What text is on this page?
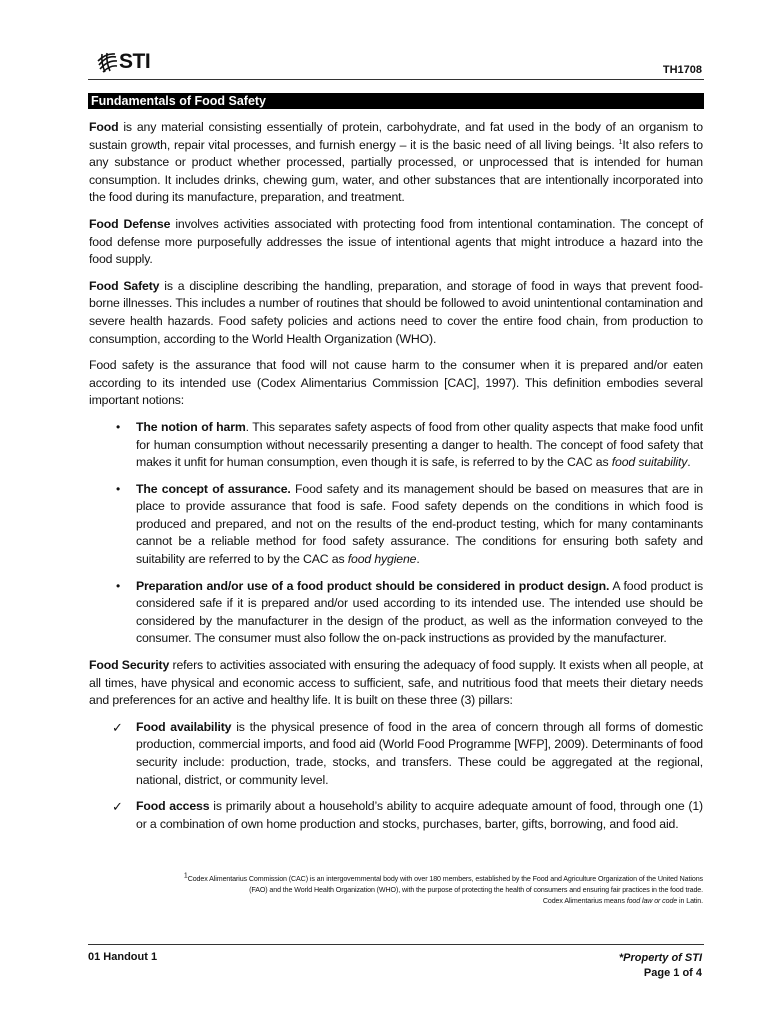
STI	TH1708
Fundamentals of Food Safety

Food is any material consisting essentially of protein, carbohydrate, and fat used in the body of an organism to sustain growth, repair vital processes, and furnish energy – it is the basic need of all living beings. $^1$It also refers to any substance or product whether processed, partially processed, or unprocessed that is intended for human consumption. It includes drinks, chewing gum, water, and other substances that are intentionally incorporated into the food during its manufacture, preparation, and treatment.

Food Defense involves activities associated with protecting food from intentional contamination. The concept of food defense more purposefully addresses the issue of intentional agents that might introduce a hazard into the food supply.

Food Safety is a discipline describing the handling, preparation, and storage of food in ways that prevent food-borne illnesses. This includes a number of routines that should be followed to avoid unintentional contamination and severe health hazards. Food safety policies and actions need to cover the entire food chain, from production to consumption, according to the World Health Organization (WHO).

Food safety is the assurance that food will not cause harm to the consumer when it is prepared and/or eaten according to its intended use (Codex Alimentarius Commission [CAC], 1997). This definition embodies several important notions:

• The notion of harm. This separates safety aspects of food from other quality aspects that make food unfit for human consumption without necessarily presenting a danger to health. The concept of food safety that makes it unfit for human consumption, even though it is safe, is referred to by the CAC as food suitability.
• The concept of assurance. Food safety and its management should be based on measures that are in place to provide assurance that food is safe. Food safety depends on the conditions in which food is produced and prepared, and not on the results of the end-product testing, which for many contaminants cannot be a reliable method for food safety assurance. The conditions for ensuring both safety and suitability are referred to by the CAC as food hygiene.
• Preparation and/or use of a food product should be considered in product design. A food product is considered safe if it is prepared and/or used according to its intended use. The intended use should be considered by the manufacturer in the design of the product, as well as the information conveyed to the consumer. The consumer must also follow the on-pack instructions as provided by the manufacturer.

Food Security refers to activities associated with ensuring the adequacy of food supply. It exists when all people, at all times, have physical and economic access to sufficient, safe, and nutritious food that meets their dietary needs and preferences for an active and healthy life. It is built on these three (3) pillars:

✓ Food availability is the physical presence of food in the area of concern through all forms of domestic production, commercial imports, and food aid (World Food Programme [WFP], 2009). Determinants of food security include: production, trade, stocks, and transfers. These could be aggregated at the regional, national, district, or community level.
✓ Food access is primarily about a household’s ability to acquire adequate amount of food, through one (1) or a combination of own home production and stocks, purchases, barter, gifts, borrowing, and food aid.
1Codex Alimentarius Commission (CAC) is an intergovernmental body with over 180 members, established by the Food and Agriculture Organization of the United Nations
(FAO) and the World Health Organization (WHO), with the purpose of protecting the health of consumers and ensuring fair practices in the food trade.
Codex Alimentarius means food law or code in Latin.
01 Handout 1	*Property of STI
Page 1 of 4
